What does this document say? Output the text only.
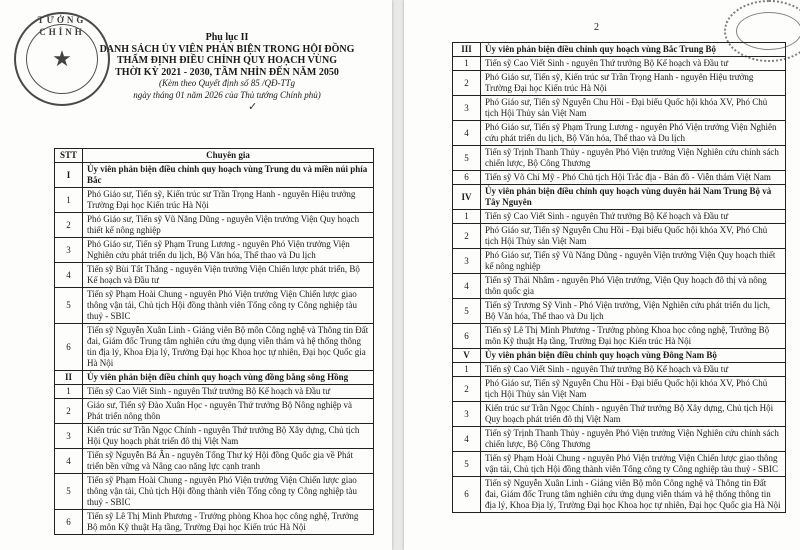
TƯỚNG CHÍNH
★
Phụ lục II
DANH SÁCH ỦY VIÊN PHẢN BIỆN TRONG HỘI ĐỒNG
THẨM ĐỊNH ĐIỀU CHỈNH QUY HOẠCH VÙNG
THỜI KỲ 2021 - 2030, TẦM NHÌN ĐẾN NĂM 2050
(Kèm theo Quyết định số 85 /QĐ-TTg
ngày tháng 01 năm 2026 của Thủ tướng Chính phủ)
✓
STT	Chuyên gia
I	Ủy viên phản biện điều chỉnh quy hoạch vùng Trung du và miền núi phía Bắc
1	Phó Giáo sư, Tiến sỹ, Kiến trúc sư Trần Trọng Hanh - nguyên Hiệu trưởng Trường Đại học Kiến trúc Hà Nội
2	Phó Giáo sư, Tiến sỹ Vũ Năng Dũng - nguyên Viện trưởng Viện Quy hoạch thiết kế nông nghiệp
3	Phó Giáo sư, Tiến sỹ Phạm Trung Lương - nguyên Phó Viện trưởng Viện Nghiên cứu phát triển du lịch, Bộ Văn hóa, Thể thao và Du lịch
4	Tiến sỹ Bùi Tất Thắng - nguyên Viện trưởng Viện Chiến lược phát triển, Bộ Kế hoạch và Đầu tư
5	Tiến sỹ Phạm Hoài Chung - nguyên Phó Viện trưởng Viện Chiến lược giao thông vận tải, Chủ tịch Hội đồng thành viên Tổng công ty Công nghiệp tàu thuỷ - SBIC
6	Tiến sỹ Nguyễn Xuân Linh - Giảng viên Bộ môn Công nghệ và Thông tin Đất đai, Giám đốc Trung tâm nghiên cứu ứng dụng viễn thám và hệ thống thông tin địa lý, Khoa Địa lý, Trường Đại học Khoa học tự nhiên, Đại học Quốc gia Hà Nội
II	Ủy viên phản biện điều chỉnh quy hoạch vùng đồng bằng sông Hồng
1	Tiến sỹ Cao Viết Sinh - nguyên Thứ trưởng Bộ Kế hoạch và Đầu tư
2	Giáo sư, Tiến sỹ Đào Xuân Học - nguyên Thứ trưởng Bộ Nông nghiệp và Phát triển nông thôn
3	Kiến trúc sư Trần Ngọc Chính - nguyên Thứ trưởng Bộ Xây dựng, Chủ tịch Hội Quy hoạch phát triển đô thị Việt Nam
4	Tiến sỹ Nguyễn Bá Ân - nguyên Tổng Thư ký Hội đồng Quốc gia về Phát triển bền vững và Nâng cao năng lực cạnh tranh
5	Tiến sỹ Phạm Hoài Chung - nguyên Phó Viện trưởng Viện Chiến lược giao thông vận tải, Chủ tịch Hội đồng thành viên Tổng công ty Công nghiệp tàu thuỷ - SBIC
6	Tiến sỹ Lê Thị Minh Phương - Trưởng phòng Khoa học công nghệ, Trưởng Bộ môn Kỹ thuật Hạ tầng, Trường Đại học Kiến trúc Hà Nội
2
III	Ủy viên phản biện điều chỉnh quy hoạch vùng Bắc Trung Bộ
1	Tiến sỹ Cao Viết Sinh - nguyên Thứ trưởng Bộ Kế hoạch và Đầu tư
2	Phó Giáo sư, Tiến sỹ, Kiến trúc sư Trần Trọng Hanh - nguyên Hiệu trưởng Trường Đại học Kiến trúc Hà Nội
3	Phó Giáo sư, Tiến sỹ Nguyễn Chu Hồi - Đại biểu Quốc hội khóa XV, Phó Chủ tịch Hội Thủy sản Việt Nam
4	Phó Giáo sư, Tiến sỹ Phạm Trung Lương - nguyên Phó Viện trưởng Viện Nghiên cứu phát triển du lịch, Bộ Văn hóa, Thể thao và Du lịch
5	Tiến sỹ Trịnh Thanh Thủy - nguyên Phó Viện trưởng Viện Nghiên cứu chính sách chiến lược, Bộ Công Thương
6	Tiến sỹ Võ Chí Mỹ - Phó Chủ tịch Hội Trắc địa - Bản đồ - Viễn thám Việt Nam
IV	Ủy viên phản biện điều chỉnh quy hoạch vùng duyên hải Nam Trung Bộ và Tây Nguyên
1	Tiến sỹ Cao Viết Sinh - nguyên Thứ trưởng Bộ Kế hoạch và Đầu tư
2	Phó Giáo sư, Tiến sỹ Nguyễn Chu Hồi - Đại biểu Quốc hội khóa XV, Phó Chủ tịch Hội Thủy sản Việt Nam
3	Phó Giáo sư, Tiến sỹ Vũ Năng Dũng - nguyên Viện trưởng Viện Quy hoạch thiết kế nông nghiệp
4	Tiến sỹ Thái Nhâm - nguyên Phó Viện trưởng, Viện Quy hoạch đô thị và nông thôn quốc gia
5	Tiến sỹ Trương Sỹ Vinh - Phó Viện trưởng, Viện Nghiên cứu phát triển du lịch, Bộ Văn hóa, Thể thao và Du lịch
6	Tiến sỹ Lê Thị Minh Phương - Trưởng phòng Khoa học công nghệ, Trưởng Bộ môn Kỹ thuật Hạ tầng, Trường Đại học Kiến trúc Hà Nội
V	Ủy viên phản biện điều chỉnh quy hoạch vùng Đông Nam Bộ
1	Tiến sỹ Cao Viết Sinh - nguyên Thứ trưởng Bộ Kế hoạch và Đầu tư
2	Phó Giáo sư, Tiến sỹ Nguyễn Chu Hồi - Đại biểu Quốc hội khóa XV, Phó Chủ tịch Hội Thủy sản Việt Nam
3	Kiến trúc sư Trần Ngọc Chính - nguyên Thứ trưởng Bộ Xây dựng, Chủ tịch Hội Quy hoạch phát triển đô thị Việt Nam
4	Tiến sỹ Trịnh Thanh Thủy - nguyên Phó Viện trưởng Viện Nghiên cứu chính sách chiến lược, Bộ Công Thương
5	Tiến sỹ Phạm Hoài Chung - nguyên Phó Viện trưởng Viện Chiến lược giao thông vận tải, Chủ tịch Hội đồng thành viên Tổng công ty Công nghiệp tàu thuỷ - SBIC
6	Tiến sỹ Nguyễn Xuân Linh - Giảng viên Bộ môn Công nghệ và Thông tin Đất đai, Giám đốc Trung tâm nghiên cứu ứng dụng viễn thám và hệ thống thông tin địa lý, Khoa Địa lý, Trường Đại học Khoa học tự nhiên, Đại học Quốc gia Hà Nội
